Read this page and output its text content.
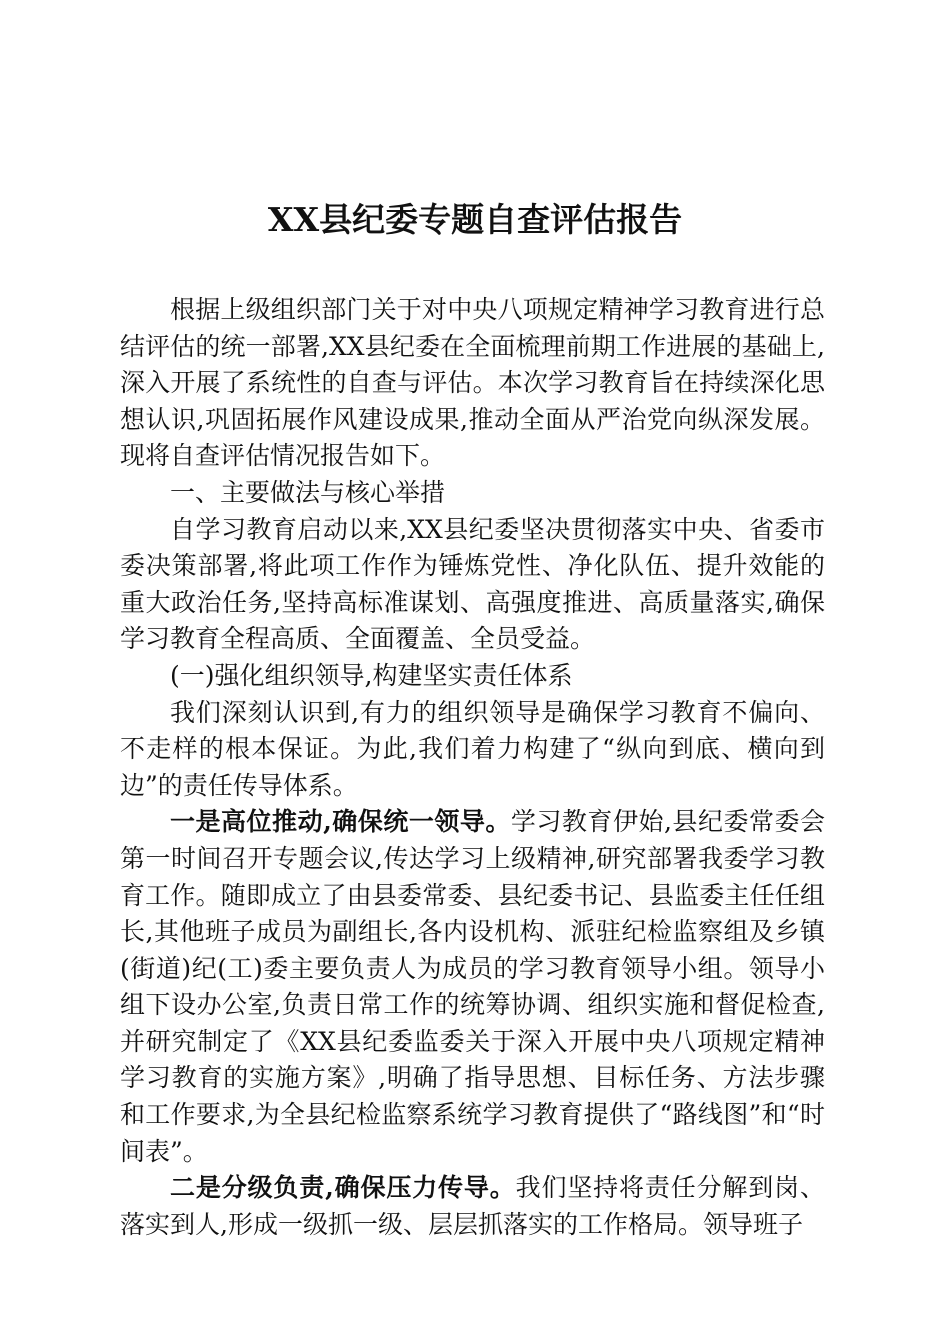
XX县纪委专题自查评估报告

根据上级组织部门关于对中央八项规定精神学习教育进行总结评估的统一部署,XX县纪委在全面梳理前期工作进展的基础上,深入开展了系统性的自查与评估。本次学习教育旨在持续深化思想认识,巩固拓展作风建设成果,推动全面从严治党向纵深发展。现将自查评估情况报告如下。

一、主要做法与核心举措

自学习教育启动以来,XX县纪委坚决贯彻落实中央、省委市委决策部署,将此项工作作为锤炼党性、净化队伍、提升效能的重大政治任务,坚持高标准谋划、高强度推进、高质量落实,确保学习教育全程高质、全面覆盖、全员受益。

(一)强化组织领导,构建坚实责任体系

我们深刻认识到,有力的组织领导是确保学习教育不偏向、不走样的根本保证。为此,我们着力构建了“纵向到底、横向到边”的责任传导体系。

一是高位推动,确保统一领导。学习教育伊始,县纪委常委会第一时间召开专题会议,传达学习上级精神,研究部署我委学习教育工作。随即成立了由县委常委、县纪委书记、县监委主任任组长,其他班子成员为副组长,各内设机构、派驻纪检监察组及乡镇(街道)纪(工)委主要负责人为成员的学习教育领导小组。领导小组下设办公室,负责日常工作的统筹协调、组织实施和督促检查,并研究制定了《XX县纪委监委关于深入开展中央八项规定精神学习教育的实施方案》,明确了指导思想、目标任务、方法步骤和工作要求,为全县纪检监察系统学习教育提供了“路线图”和“时间表”。

二是分级负责,确保压力传导。我们坚持将责任分解到岗、落实到人,形成一级抓一级、层层抓落实的工作格局。领导班子
